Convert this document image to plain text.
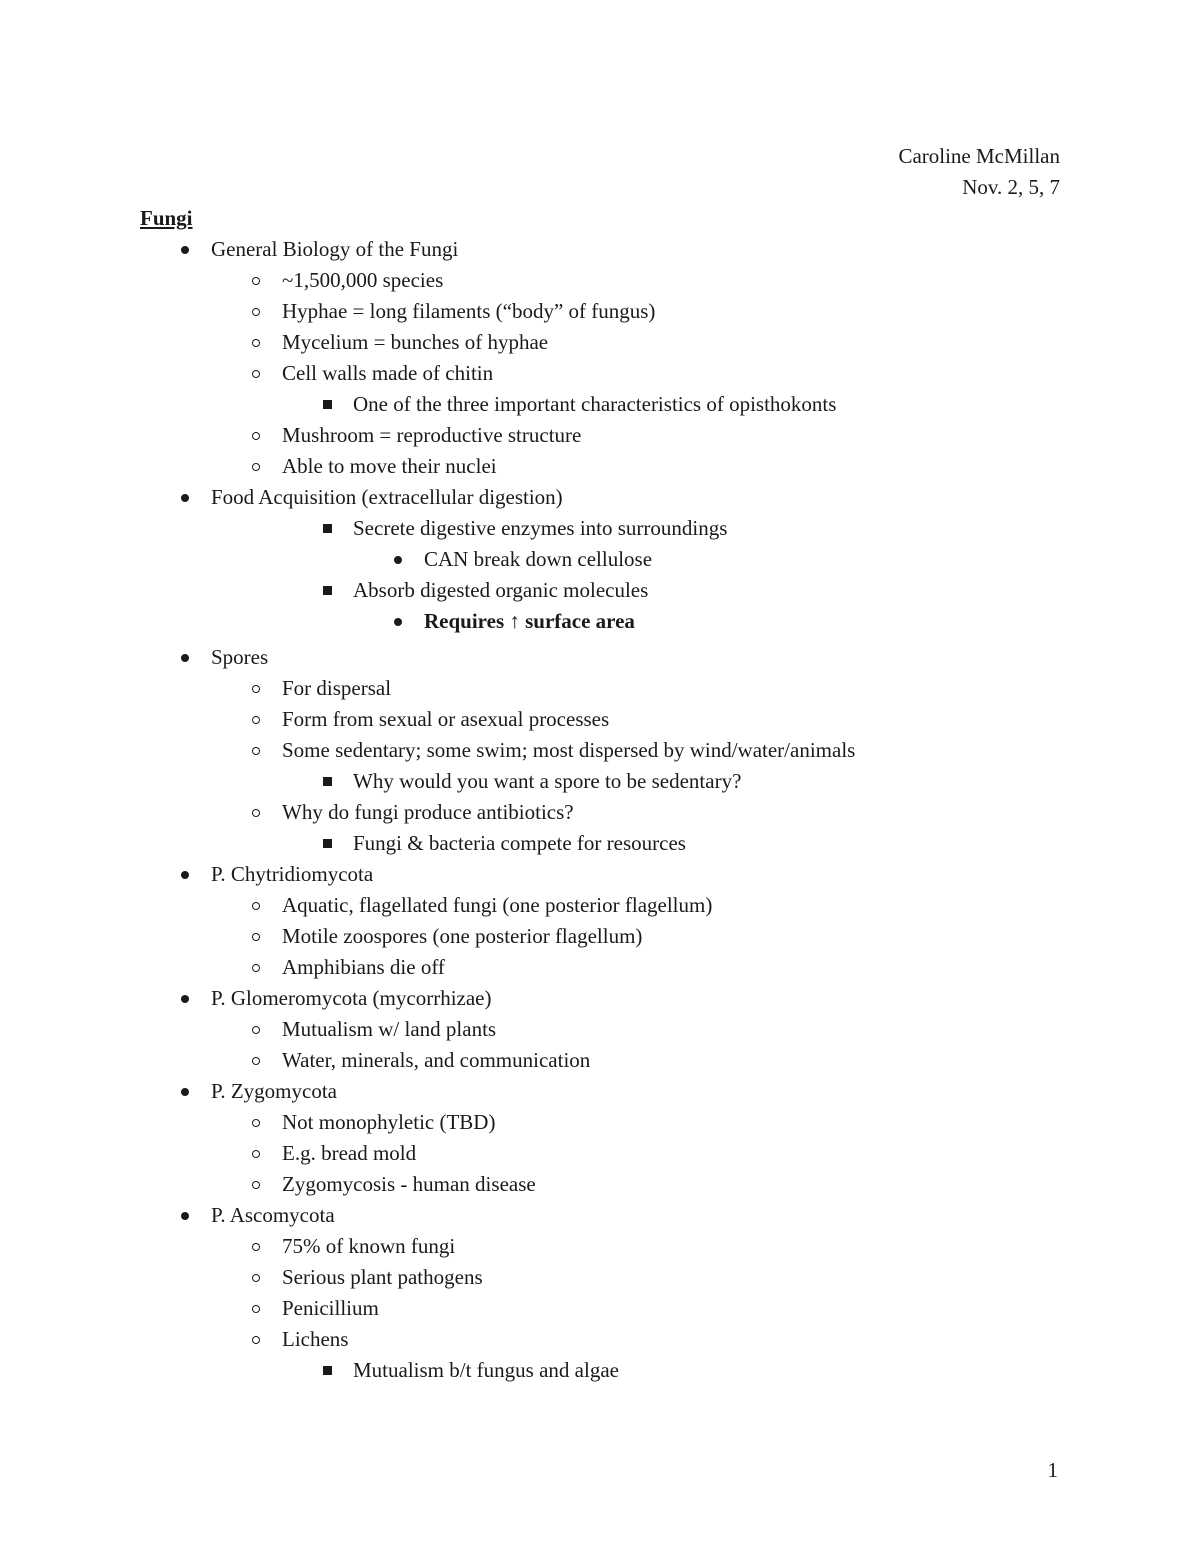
Caroline McMillan
Nov. 2, 5, 7
Fungi
General Biology of the Fungi
~1,500,000 species
Hyphae = long filaments (“body” of fungus)
Mycelium = bunches of hyphae
Cell walls made of chitin
One of the three important characteristics of opisthokonts
Mushroom = reproductive structure
Able to move their nuclei
Food Acquisition (extracellular digestion)
Secrete digestive enzymes into surroundings
CAN break down cellulose
Absorb digested organic molecules
Requires ↑ surface area
Spores
For dispersal
Form from sexual or asexual processes
Some sedentary; some swim; most dispersed by wind/water/animals
Why would you want a spore to be sedentary?
Why do fungi produce antibiotics?
Fungi & bacteria compete for resources
P. Chytridiomycota
Aquatic, flagellated fungi (one posterior flagellum)
Motile zoospores (one posterior flagellum)
Amphibians die off
P. Glomeromycota (mycorrhizae)
Mutualism w/ land plants
Water, minerals, and communication
P. Zygomycota
Not monophyletic (TBD)
E.g. bread mold
Zygomycosis - human disease
P. Ascomycota
75% of known fungi
Serious plant pathogens
Penicillium
Lichens
Mutualism b/t fungus and algae
1
